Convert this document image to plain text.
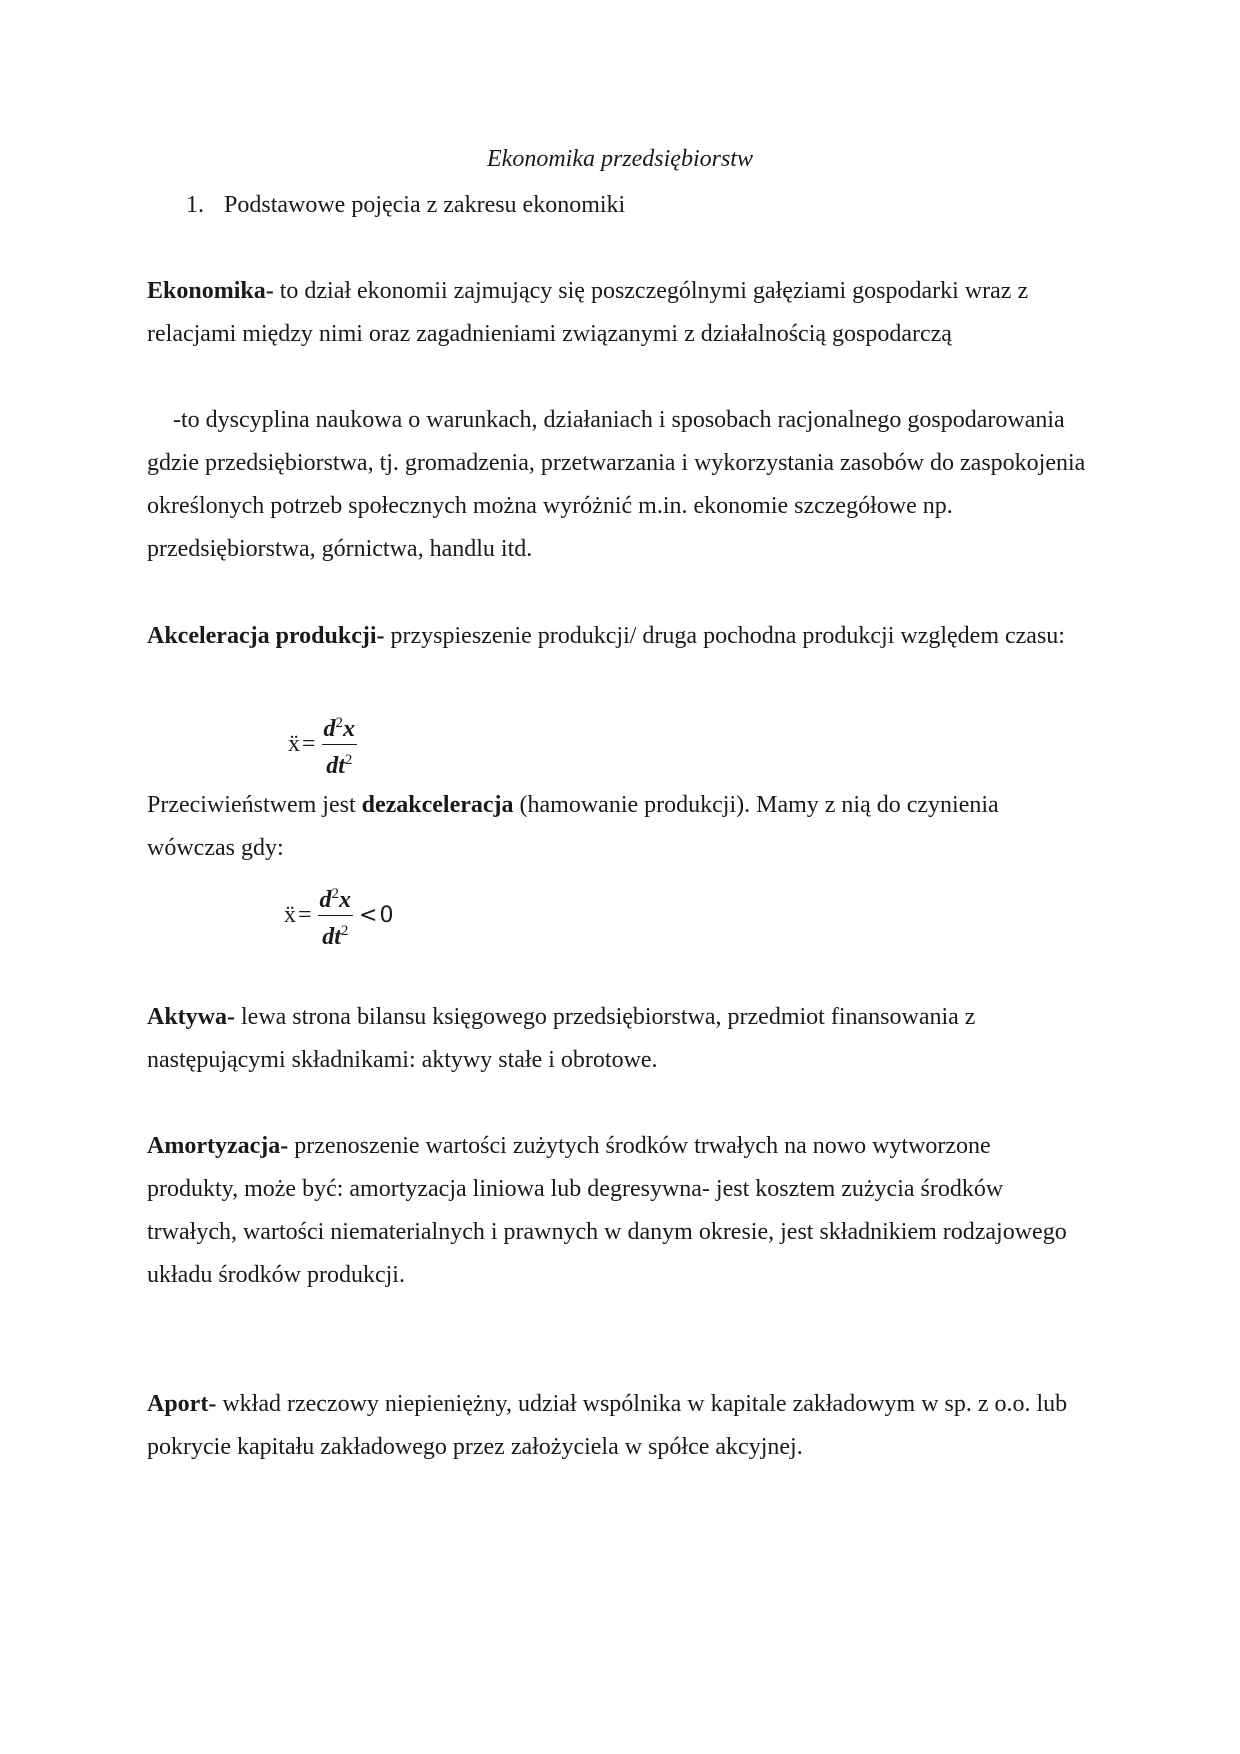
Ekonomika przedsiębiorstw
1. Podstawowe pojęcia z zakresu ekonomiki
Ekonomika- to dział ekonomii zajmujący się poszczególnymi gałęziami gospodarki wraz z relacjami między nimi oraz zagadnieniami związanymi z działalnością gospodarczą
-to dyscyplina naukowa o warunkach, działaniach i sposobach racjonalnego gospodarowania gdzie przedsiębiorstwa, tj. gromadzenia, przetwarzania i wykorzystania zasobów do zaspokojenia określonych potrzeb społecznych można wyróżnić m.in. ekonomie szczegółowe np. przedsiębiorstwa, górnictwa, handlu itd.
Akceleracja produkcji- przyspieszenie produkcji/ druga pochodna produkcji względem czasu:
ẍ = $\frac{d^2x}{dt^2}$
Przeciwieństwem jest dezakceleracja (hamowanie produkcji). Mamy z nią do czynienia wówczas gdy:
ẍ = $\frac{d^2x}{dt^2} < 0$
Aktywa- lewa strona bilansu księgowego przedsiębiorstwa, przedmiot finansowania z następującymi składnikami: aktywy stałe i obrotowe.
Amortyzacja- przenoszenie wartości zużytych środków trwałych na nowo wytworzone produkty, może być: amortyzacja liniowa lub degresywna- jest kosztem zużycia środków trwałych, wartości niematerialnych i prawnych w danym okresie, jest składnikiem rodzajowego układu środków produkcji.
Aport- wkład rzeczowy niepieniężny, udział wspólnika w kapitale zakładowym w sp. z o.o. lub pokrycie kapitału zakładowego przez założyciela w spółce akcyjnej.
